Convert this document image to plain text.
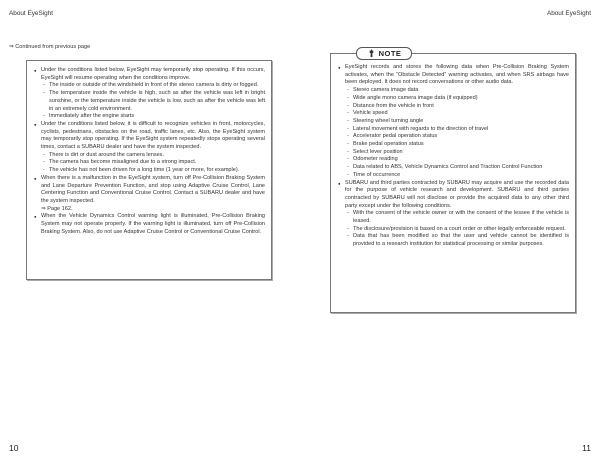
About EyeSight	About EyeSight
⇒ Continued from previous page
● Under the conditions listed below, EyeSight may temporarily stop operating. If this occurs, EyeSight will resume operating when the conditions improve.
- The inside or outside of the windshield in front of the stereo camera is dirty or fogged.
- The temperature inside the vehicle is high, such as after the vehicle was left in bright sunshine, or the temperature inside the vehicle is low, such as after the vehicle was left in an extremely cold environment.
- Immediately after the engine starts
● Under the conditions listed below, it is difficult to recognize vehicles in front, motorcycles, cyclists, pedestrians, obstacles on the road, traffic lanes, etc. Also, the EyeSight system may temporarily stop operating. If the EyeSight system repeatedly stops operating several times, contact a SUBARU dealer and have the system inspected.
- There is dirt or dust around the camera lenses.
- The camera has become misaligned due to a strong impact.
- The vehicle has not been driven for a long time (1 year or more, for example).
● When there is a malfunction in the EyeSight system, turn off Pre-Collision Braking System and Lane Departure Prevention Function, and stop using Adaptive Cruise Control, Lane Centering Function and Conventional Cruise Control. Contact a SUBARU dealer and have the system inspected.
⇒ Page 162.
● When the Vehicle Dynamics Control warning light is illuminated, Pre-Collision Braking System may not operate properly. If the warning light is illuminated, turn off Pre-Collision Braking System. Also, do not use Adaptive Cruise Control or Conventional Cruise Control.
● EyeSight records and stores the following data when Pre-Collision Braking System activates, when the “Obstacle Detected” warning activates, and when SRS airbags have been deployed. It does not record conversations or other audio data.
- Stereo camera image data
- Wide angle mono camera image data (if equipped)
- Distance from the vehicle in front
- Vehicle speed
- Steering wheel turning angle
- Lateral movement with regards to the direction of travel
- Accelerator pedal operation status
- Brake pedal operation status
- Select lever position
- Odometer reading
- Data related to ABS, Vehicle Dynamics Control and Traction Control Function
- Time of occurrence
● SUBARU and third parties contracted by SUBARU may acquire and use the recorded data for the purpose of vehicle research and development. SUBARU and third parties contracted by SUBARU will not disclose or provide the acquired data to any other third party except under the following conditions.
- With the consent of the vehicle owner or with the consent of the lessee if the vehicle is leased.
- The disclosure/provision is based on a court order or other legally enforceable request.
- Data that has been modified so that the user and vehicle cannot be identified is provided to a research institution for statistical processing or similar purposes.
NOTE
10	11
